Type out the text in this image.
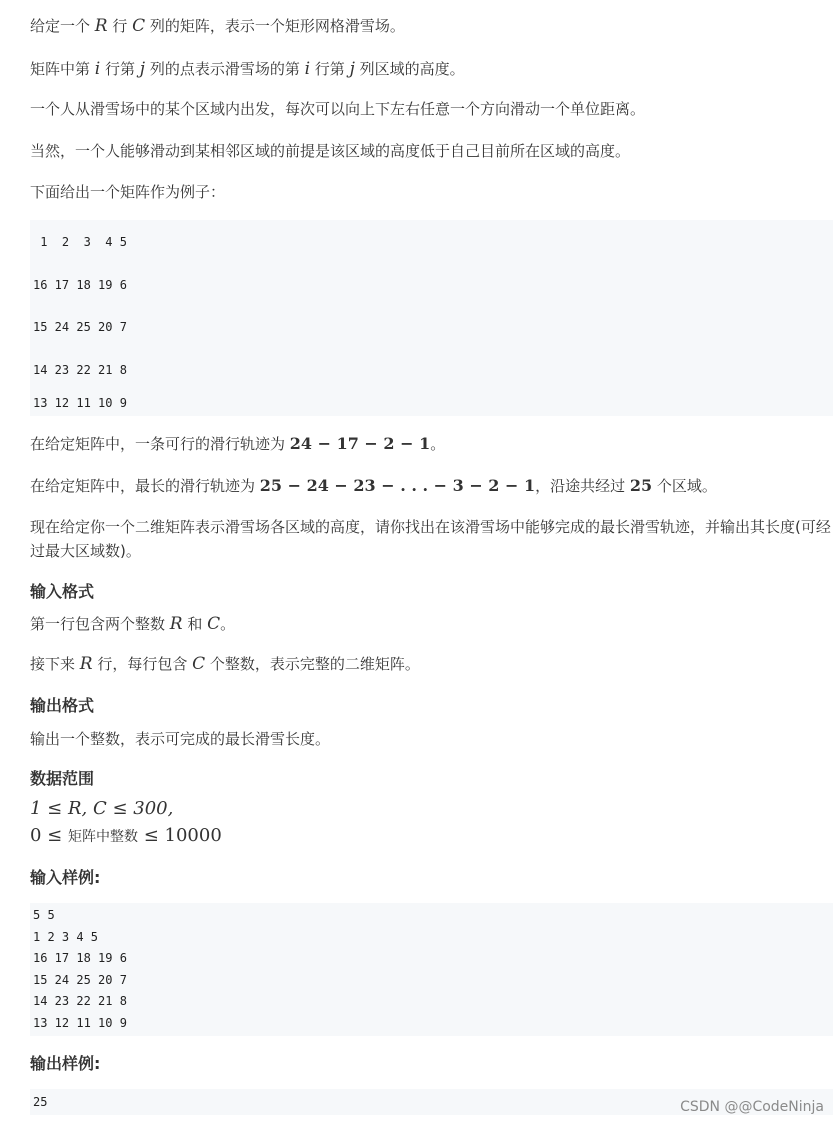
给定一个 R 行 C 列的矩阵，表示一个矩形网格滑雪场。

矩阵中第 i 行第 j 列的点表示滑雪场的第 i 行第 j 列区域的高度。

一个人从滑雪场中的某个区域内出发，每次可以向上下左右任意一个方向滑动一个单位距离。

当然，一个人能够滑动到某相邻区域的前提是该区域的高度低于自己目前所在区域的高度。

下面给出一个矩阵作为例子：

1  2  3  4 5
16 17 18 19 6
15 24 25 20 7
14 23 22 21 8
13 12 11 10 9

在给定矩阵中，一条可行的滑行轨迹为 24 − 17 − 2 − 1。

在给定矩阵中，最长的滑行轨迹为 25 − 24 − 23 − . . . − 3 − 2 − 1，沿途共经过 25 个区域。

现在给定你一个二维矩阵表示滑雪场各区域的高度，请你找出在该滑雪场中能够完成的最长滑雪轨迹，并输出其长度(可经过最大区域数)。

输入格式

第一行包含两个整数 R 和 C。

接下来 R 行，每行包含 C 个整数，表示完整的二维矩阵。

输出格式

输出一个整数，表示可完成的最长滑雪长度。

数据范围

1 ≤ R, C ≤ 300,

0 ≤ 矩阵中整数 ≤ 10000

输入样例:
5 5
1 2 3 4 5
16 17 18 19 6
15 24 25 20 7
14 23 22 21 8
13 12 11 10 9
输出样例:
25	CSDN @@CodeNinja
